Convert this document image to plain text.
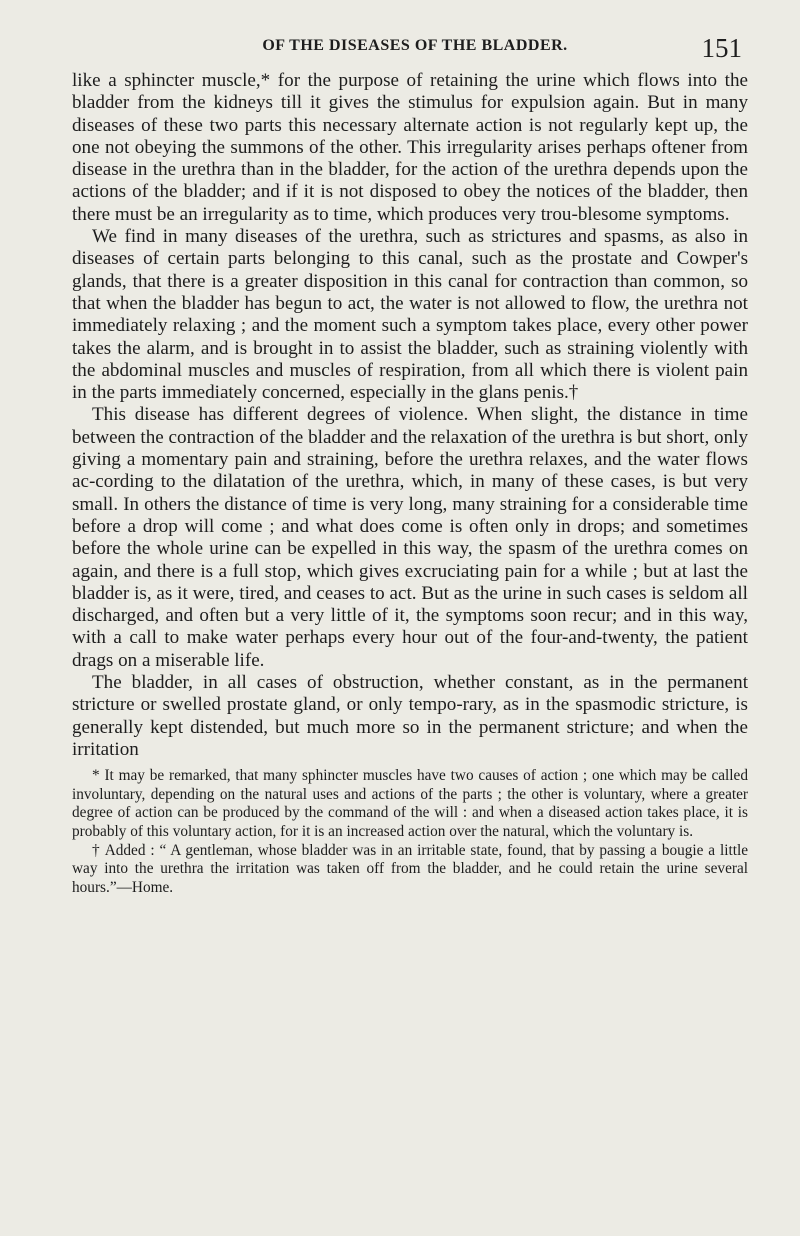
OF THE DISEASES OF THE BLADDER.	151

like a sphincter muscle,* for the purpose of retaining the urine which flows into the bladder from the kidneys till it gives the stimulus for expulsion again. But in many diseases of these two parts this necessary alternate action is not regularly kept up, the one not obeying the summons of the other. This irregularity arises perhaps oftener from disease in the urethra than in the bladder, for the action of the urethra depends upon the actions of the bladder; and if it is not disposed to obey the notices of the bladder, then there must be an irregularity as to time, which produces very trou-blesome symptoms.

We find in many diseases of the urethra, such as strictures and spasms, as also in diseases of certain parts belonging to this canal, such as the prostate and Cowper's glands, that there is a greater disposition in this canal for contraction than common, so that when the bladder has begun to act, the water is not allowed to flow, the urethra not immediately relaxing ; and the moment such a symptom takes place, every other power takes the alarm, and is brought in to assist the bladder, such as straining violently with the abdominal muscles and muscles of respiration, from all which there is violent pain in the parts immediately concerned, especially in the glans penis.†

This disease has different degrees of violence. When slight, the distance in time between the contraction of the bladder and the relaxation of the urethra is but short, only giving a momentary pain and straining, before the urethra relaxes, and the water flows ac-cording to the dilatation of the urethra, which, in many of these cases, is but very small. In others the distance of time is very long, many straining for a considerable time before a drop will come ; and what does come is often only in drops; and sometimes before the whole urine can be expelled in this way, the spasm of the urethra comes on again, and there is a full stop, which gives excruciating pain for a while ; but at last the bladder is, as it were, tired, and ceases to act. But as the urine in such cases is seldom all discharged, and often but a very little of it, the symptoms soon recur; and in this way, with a call to make water perhaps every hour out of the four-and-twenty, the patient drags on a miserable life.

The bladder, in all cases of obstruction, whether constant, as in the permanent stricture or swelled prostate gland, or only tempo-rary, as in the spasmodic stricture, is generally kept distended, but much more so in the permanent stricture; and when the irritation

* It may be remarked, that many sphincter muscles have two causes of action ; one which may be called involuntary, depending on the natural uses and actions of the parts ; the other is voluntary, where a greater degree of action can be produced by the command of the will : and when a diseased action takes place, it is probably of this voluntary action, for it is an increased action over the natural, which the voluntary is.

† Added : “ A gentleman, whose bladder was in an irritable state, found, that by passing a bougie a little way into the urethra the irritation was taken off from the bladder, and he could retain the urine several hours.”—Home.
